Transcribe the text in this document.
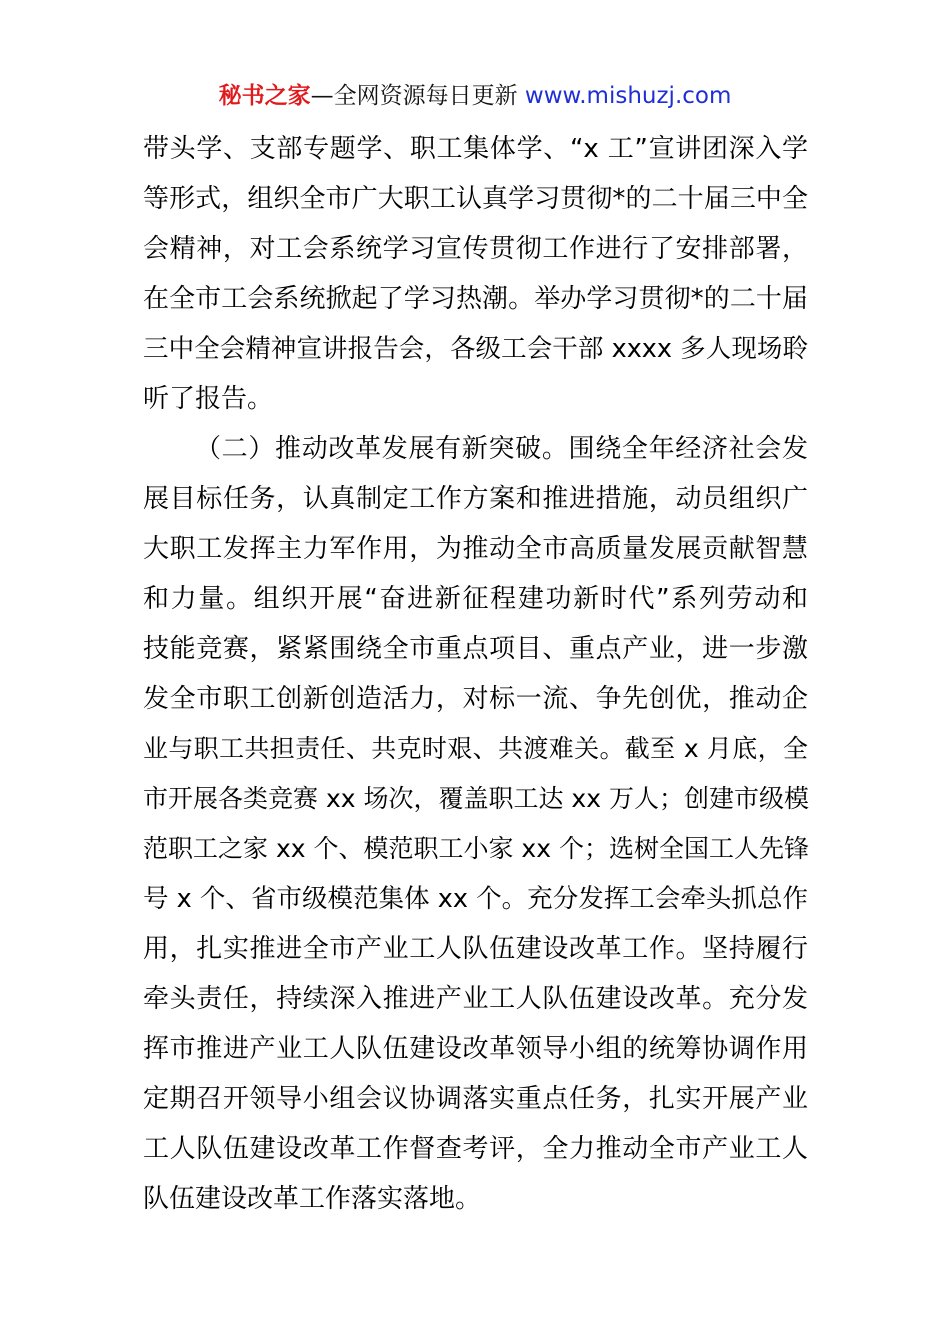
秘书之家—全网资源每日更新 www.mishuzj.com
带头学、支部专题学、职工集体学、“x 工”宣讲团深入学
等形式，组织全市广大职工认真学习贯彻*的二十届三中全
会精神，对工会系统学习宣传贯彻工作进行了安排部署，
在全市工会系统掀起了学习热潮。举办学习贯彻*的二十届
三中全会精神宣讲报告会，各级工会干部 xxxx 多人现场聆
听了报告。
（二）推动改革发展有新突破。围绕全年经济社会发
展目标任务，认真制定工作方案和推进措施，动员组织广
大职工发挥主力军作用，为推动全市高质量发展贡献智慧
和力量。组织开展“奋进新征程建功新时代”系列劳动和
技能竞赛，紧紧围绕全市重点项目、重点产业，进一步激
发全市职工创新创造活力，对标一流、争先创优，推动企
业与职工共担责任、共克时艰、共渡难关。截至 x 月底，全
市开展各类竞赛 xx 场次，覆盖职工达 xx 万人；创建市级模
范职工之家 xx 个、模范职工小家 xx 个；选树全国工人先锋
号 x 个、省市级模范集体 xx 个。充分发挥工会牵头抓总作
用，扎实推进全市产业工人队伍建设改革工作。坚持履行
牵头责任，持续深入推进产业工人队伍建设改革。充分发
挥市推进产业工人队伍建设改革领导小组的统筹协调作用
定期召开领导小组会议协调落实重点任务，扎实开展产业
工人队伍建设改革工作督查考评，全力推动全市产业工人
队伍建设改革工作落实落地。
